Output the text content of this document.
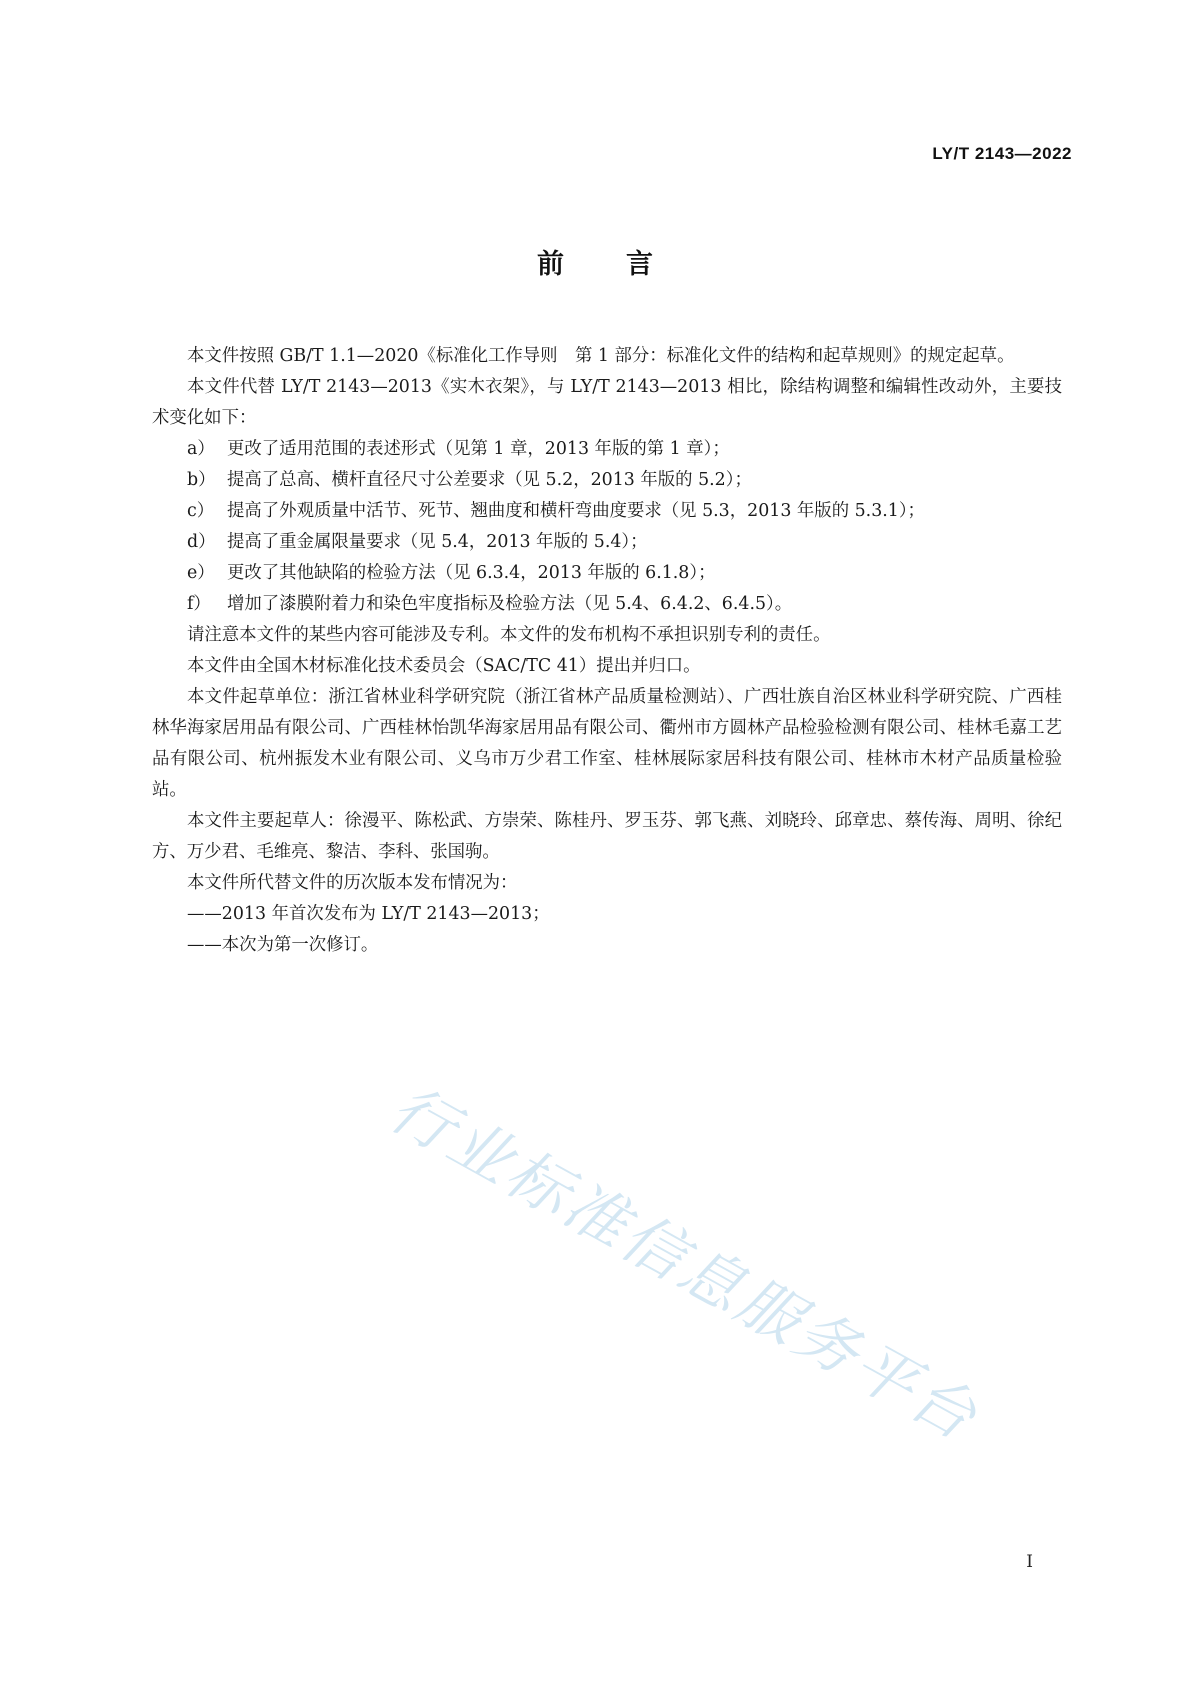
LY/T 2143—2022
前言

本文件按照 GB/T 1.1—2020《标准化工作导则　第 1 部分：标准化文件的结构和起草规则》的规定起草。

本文件代替 LY/T 2143—2013《实木衣架》，与 LY/T 2143—2013 相比，除结构调整和编辑性改动外，主要技术变化如下：

a） 更改了适用范围的表述形式（见第 1 章，2013 年版的第 1 章）；

b） 提高了总高、横杆直径尺寸公差要求（见 5.2，2013 年版的 5.2）；

c） 提高了外观质量中活节、死节、翘曲度和横杆弯曲度要求（见 5.3，2013 年版的 5.3.1）；

d） 提高了重金属限量要求（见 5.4，2013 年版的 5.4）；

e） 更改了其他缺陷的检验方法（见 6.3.4，2013 年版的 6.1.8）；

f） 增加了漆膜附着力和染色牢度指标及检验方法（见 5.4、6.4.2、6.4.5）。

请注意本文件的某些内容可能涉及专利。本文件的发布机构不承担识别专利的责任。

本文件由全国木材标准化技术委员会（SAC/TC 41）提出并归口。

本文件起草单位：浙江省林业科学研究院（浙江省林产品质量检测站）、广西壮族自治区林业科学研究院、广西桂林华海家居用品有限公司、广西桂林怡凯华海家居用品有限公司、衢州市方圆林产品检验检测有限公司、桂林毛嘉工艺品有限公司、杭州振发木业有限公司、义乌市万少君工作室、桂林展际家居科技有限公司、桂林市木材产品质量检验站。

本文件主要起草人：徐漫平、陈松武、方崇荣、陈桂丹、罗玉芬、郭飞燕、刘晓玲、邱章忠、蔡传海、周明、徐纪方、万少君、毛维亮、黎洁、李科、张国驹。

本文件所代替文件的历次版本发布情况为：

——2013 年首次发布为 LY/T 2143—2013；

——本次为第一次修订。

行业标准信息服务平台
I
